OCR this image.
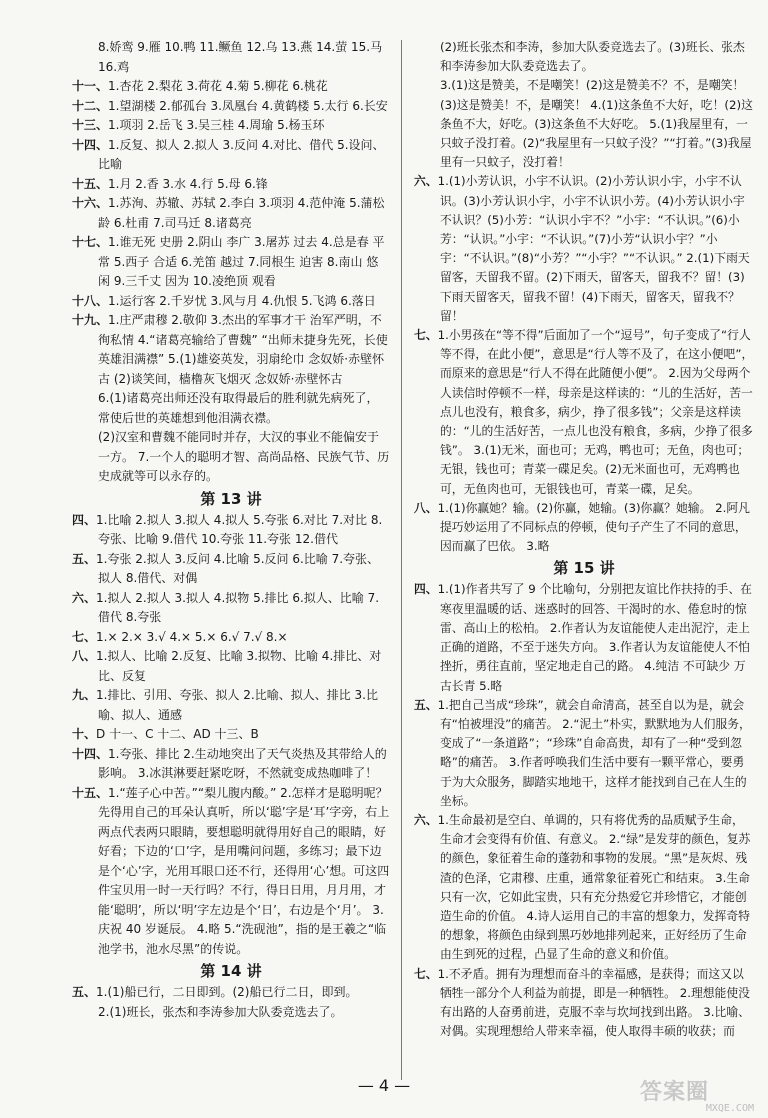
8.娇鸾 9.雁 10.鸭 11.鳜鱼 12.乌 13.燕 14.萤 15.马 16.鸡
十一、1.杏花 2.梨花 3.荷花 4.菊 5.柳花 6.桃花
十二、1.望湖楼 2.郁孤台 3.凤凰台 4.黄鹤楼 5.太行 6.长安
十三、1.项羽 2.岳飞 3.吴三桂 4.周瑜 5.杨玉环
十四、1.反复、拟人 2.拟人 3.反问 4.对比、借代 5.设问、比喻
十五、1.月 2.香 3.水 4.行 5.母 6.锋
十六、1.苏洵、苏辙、苏轼 2.李白 3.项羽 4.范仲淹 5.蒲松龄 6.杜甫 7.司马迁 8.诸葛亮
十七、1.谁无死 史册 2.阴山 李广 3.屠苏 过去 4.总是春 平常 5.西子 合适 6.羌笛 越过 7.同根生 迫害 8.南山 悠闲 9.三千丈 因为 10.凌绝顶 观看
十八、1.运行客 2.千岁忧 3.风与月 4.仇恨 5.飞鸿 6.落日
十九、1.庄严肃穆 2.敬仰 3.杰出的军事才干 治军严明，不徇私情 4.“诸葛亮输给了曹魏” “出师未捷身先死，长使英雄泪满襟” 5.(1)雄姿英发，羽扇纶巾 念奴娇·赤壁怀古 (2)谈笑间，樯橹灰飞烟灭 念奴娇·赤壁怀古
6.(1)诸葛亮出师还没有取得最后的胜利就先病死了，常使后世的英雄想到他泪满衣襟。
(2)汉室和曹魏不能同时并存，大汉的事业不能偏安于一方。 7.一个人的聪明才智、高尚品格、民族气节、历史成就等可以永存的。
第 13 讲
四、1.比喻 2.拟人 3.拟人 4.拟人 5.夸张 6.对比 7.对比 8.夸张、比喻 9.借代 10.夸张 11.夸张 12.借代
五、1.夸张 2.拟人 3.反问 4.比喻 5.反问 6.比喻 7.夸张、拟人 8.借代、对偶
六、1.拟人 2.拟人 3.拟人 4.拟物 5.排比 6.拟人、比喻 7.借代 8.夸张
七、1.× 2.× 3.√ 4.× 5.× 6.√ 7.√ 8.×
八、1.拟人、比喻 2.反复、比喻 3.拟物、比喻 4.排比、对比、反复
九、1.排比、引用、夸张、拟人 2.比喻、拟人、排比 3.比喻、拟人、通感
十、D 十一、C 十二、AD 十三、B
十四、1.夸张、排比 2.生动地突出了天气炎热及其带给人的影响。 3.冰淇淋要赶紧吃呀，不然就变成热咖啡了！
十五、1.“莲子心中苦。”“梨儿腹内酸。” 2.怎样才是聪明呢？先得用自己的耳朵认真听，所以‘聪’字是‘耳’字旁，右上两点代表两只眼睛，要想聪明就得用好自己的眼睛，好好看；下边的‘口’字，是用嘴问问题，多练习；最下边是个‘心’字，光用耳眼口还不行，还得用‘心’想。可这四件宝贝用一时一天行吗？不行，得日日用，月月用，才能‘聪明’，所以‘明’字左边是个‘日’，右边是个‘月’。 3.庆祝 40 岁诞辰。 4.略 5.“洗砚池”，指的是王羲之“临池学书，池水尽黑”的传说。
第 14 讲
五、1.(1)船已行，二日即到。(2)船已行二日，即到。
2.(1)班长，张杰和李涛参加大队委竞选去了。
(2)班长张杰和李涛，参加大队委竞选去了。(3)班长、张杰和李涛参加大队委竞选去了。
3.(1)这是赞美，不是嘲笑！(2)这是赞美不？不，是嘲笑！(3)这是赞美！不，是嘲笑！ 4.(1)这条鱼不大好，吃！(2)这条鱼不大，好吃。(3)这条鱼不大好吃。 5.(1)我屋里有，一只蚊子没打着。(2)“我屋里有一只蚊子没？”“打着。”(3)我屋里有一只蚊子，没打着！
六、1.(1)小芳认识，小宇不认识。(2)小芳认识小宇，小宇不认识。(3)小芳认识小宇，小宇不认识小芳。(4)小芳认识小宇不认识？(5)小芳：“认识小宇不？”小宇：“不认识。”(6)小芳：“认识。”小宇：“不认识。”(7)小芳“认识小宇？”小宇：“不认识。”(8)“小芳？”“小宇？”“不认识。” 2.(1)下雨天留客，天留我不留。(2)下雨天，留客天，留我不？留！(3)下雨天留客天，留我不留！(4)下雨天，留客天，留我不？留！
七、1.小男孩在“等不得”后面加了一个“逗号”，句子变成了“行人等不得，在此小便”，意思是“行人等不及了，在这小便吧”，而原来的意思是“行人不得在此随便小便”。 2.因为父母两个人读信时停顿不一样，母亲是这样读的：“儿的生活好，苦一点儿也没有，粮食多，病少，挣了很多钱”；父亲是这样读的：“儿的生活好苦，一点儿也没有粮食，多病，少挣了很多钱”。 3.(1)无米，面也可；无鸡，鸭也可；无鱼，肉也可；无银，钱也可；青菜一碟足矣。(2)无米面也可，无鸡鸭也可，无鱼肉也可，无银钱也可，青菜一碟，足矣。
八、1.(1)你赢她？输。(2)你赢，她输。(3)你赢？她输。 2.阿凡提巧妙运用了不同标点的停顿，使句子产生了不同的意思，因而赢了巴依。 3.略
第 15 讲
四、1.(1)作者共写了 9 个比喻句，分别把友谊比作扶持的手、在寒夜里温暖的话、迷惑时的回答、干渴时的水、倦怠时的惊雷、高山上的松柏。 2.作者认为友谊能使人走出泥泞，走上正确的道路，不至于迷失方向。 3.作者认为友谊能使人不怕挫折，勇往直前，坚定地走自己的路。 4.纯洁 不可缺少 万古长青 5.略
五、1.把自己当成“珍珠”，就会自命清高，甚至自以为是，就会有“怕被埋没”的痛苦。 2.“泥土”朴实，默默地为人们服务，变成了“一条道路”；“珍珠”自命高贵，却有了一种“受到忽略”的痛苦。 3.作者呼唤我们生活中要有一颗平常心，要勇于为大众服务，脚踏实地地干，这样才能找到自己在人生的坐标。
六、1.生命最初是空白、单调的，只有将优秀的品质赋予生命，生命才会变得有价值、有意义。 2.“绿”是发芽的颜色，复苏的颜色，象征着生命的蓬勃和事物的发展。“黑”是灰烬、残渣的色泽，它肃穆、庄重，通常象征着死亡和结束。 3.生命只有一次，它如此宝贵，只有充分热爱它并珍惜它，才能创造生命的价值。 4.诗人运用自己的丰富的想象力，发挥奇特的想象，将颜色由绿到黑巧妙地排列起来，正好经历了生命由生到死的过程，凸显了生命的意义和价值。
七、1.不矛盾。拥有为理想而奋斗的幸福感，是获得；而这又以牺牲一部分个人利益为前提，即是一种牺牲。 2.理想能使没有出路的人奋勇前进，克服不幸与坎坷找到出路。 3.比喻、对偶。实现理想给人带来幸福，使人取得丰硕的收获；而
— 4 —	答案圈
MXQE.COM
